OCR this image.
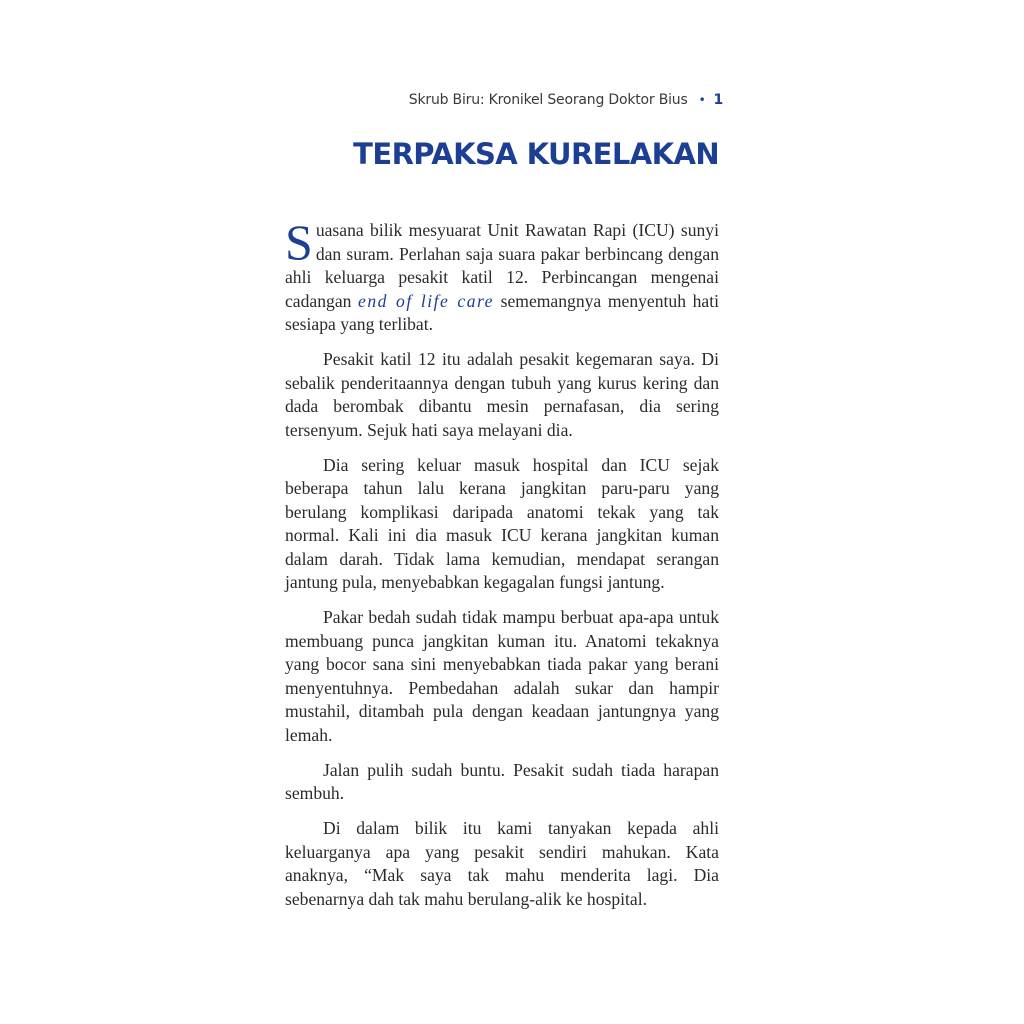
Skrub Biru: Kronikel Seorang Doktor Bius • 1
TERPAKSA KURELAKAN

Suasana bilik mesyuarat Unit Rawatan Rapi (ICU) sunyi dan suram. Perlahan saja suara pakar berbincang dengan ahli keluarga pesakit katil 12. Perbincangan mengenai cadangan end of life care sememangnya menyentuh hati sesiapa yang terlibat.

Pesakit katil 12 itu adalah pesakit kegemaran saya. Di sebalik penderitaannya dengan tubuh yang kurus kering dan dada berombak dibantu mesin pernafasan, dia sering tersenyum. Sejuk hati saya melayani dia.

Dia sering keluar masuk hospital dan ICU sejak beberapa tahun lalu kerana jangkitan paru-paru yang berulang komplikasi daripada anatomi tekak yang tak normal. Kali ini dia masuk ICU kerana jangkitan kuman dalam darah. Tidak lama kemudian, mendapat serangan jantung pula, menyebabkan kegagalan fungsi jantung.

Pakar bedah sudah tidak mampu berbuat apa-apa untuk membuang punca jangkitan kuman itu. Anatomi tekaknya yang bocor sana sini menyebabkan tiada pakar yang berani menyentuhnya. Pembedahan adalah sukar dan hampir mustahil, ditambah pula dengan keadaan jantungnya yang lemah.

Jalan pulih sudah buntu. Pesakit sudah tiada harapan sembuh.

Di dalam bilik itu kami tanyakan kepada ahli keluarganya apa yang pesakit sendiri mahukan. Kata anaknya, “Mak saya tak mahu menderita lagi. Dia sebenarnya dah tak mahu berulang-alik ke hospital.
